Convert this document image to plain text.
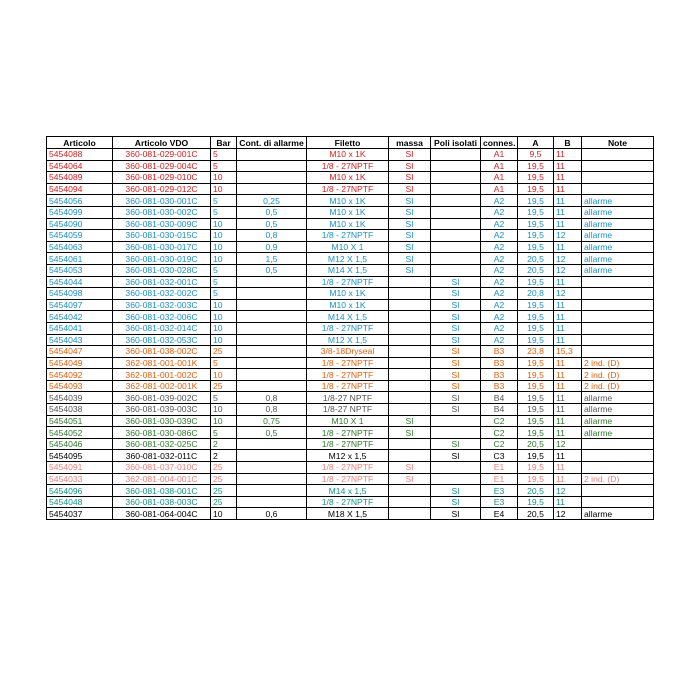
Articolo	Articolo VDO	Bar	Cont. di allarme	Filetto	massa	Poli isolati	connes.	A	B	Note
5454088	360-081-029-001C	5		M10 x 1K	SI		A1	9,5	11	
5454064	360-081-029-004C	5		1/8 - 27NPTF	SI		A1	19,5	11	
5454089	360-081-029-010C	10		M10 x 1K	SI		A1	19,5	11	
5454094	360-081-029-012C	10		1/8 - 27NPTF	SI		A1	19,5	11	
5454056	360-081-030-001C	5	0,25	M10 x 1K	SI		A2	19,5	11	allarme
5454099	360-081-030-002C	5	0,5	M10 x 1K	SI		A2	19,5	11	allarme
5454090	360-081-030-009C	10	0,5	M10 x 1K	SI		A2	19,5	11	allarme
5454059	360-081-030-015C	10	0,8	1/8 - 27NPTF	SI		A2	19,5	12	allarme
5454063	360-081-030-017C	10	0,9	M10 X 1	SI		A2	19,5	11	allarme
5454061	360-081-030-019C	10	1,5	M12 X 1,5	SI		A2	20,5	12	allarme
5454053	360-081-030-028C	5	0,5	M14 X 1,5	SI		A2	20,5	12	allarme
5454044	360-081-032-001C	5		1/8 - 27NPTF		SI	A2	19,5	11	
5454098	360-081-032-002C	5		M10 x 1K		SI	A2	20,8	12	
5454097	360-081-032-003C	10		M10 x 1K		SI	A2	19,5	11	
5454042	360-081-032-006C	10		M14 X 1,5		SI	A2	19,5	11	
5454041	360-081-032-014C	10		1/8 - 27NPTF		SI	A2	19,5	11	
5454043	360-081-032-053C	10		M12 X 1,5		SI	A2	19,5	11	
5454047	360-081-038-002C	25		3/8-18Dryseal		SI	B3	23,8	15,3	
5454049	362-081-001-001K	5		1/8 - 27NPTF		SI	B3	19,5	11	2 ind. (D)
5454092	362-081-001-002C	10		1/8 - 27NPTF		SI	B3	19,5	11	2 ind. (D)
5454093	362-081-002-001K	25		1/8 - 27NPTF		SI	B3	19,5	11	2 ind. (D)
5454039	360-081-039-002C	5	0,8	1/8-27 NPTF		SI	B4	19,5	11	allarme
5454038	360-081-039-003C	10	0,8	1/8-27 NPTF		SI	B4	19,5	11	allarme
5454051	360-081-030-039C	10	0,75	M10 X 1	SI		C2	19,5	11	allarme
5454052	360-081-030-086C	5	0,5	1/8 - 27NPTF	SI		C2	19,5	11	allarme
5454046	360-081-032-025C	2		1/8 - 27NPTF		SI	C2	20,5	12	
5454095	360-081-032-011C	2		M12 x 1,5		SI	C3	19,5	11	
5454091	360-081-037-010C	25		1/8 - 27NPTF	SI		E1	19,5	11	
5454033	362-081-004-001C	25		1/8 - 27NPTF	SI		E1	19,5	11	2 ind. (D)
5454096	360-081-038-001C	25		M14 x 1,5		SI	E3	20,5	12	
5454048	360-081-038-003C	25		1/8 - 27NPTF		SI	E3	19,5	11	
5454037	360-081-064-004C	10	0,6	M18 X 1,5		SI	E4	20,5	12	allarme
